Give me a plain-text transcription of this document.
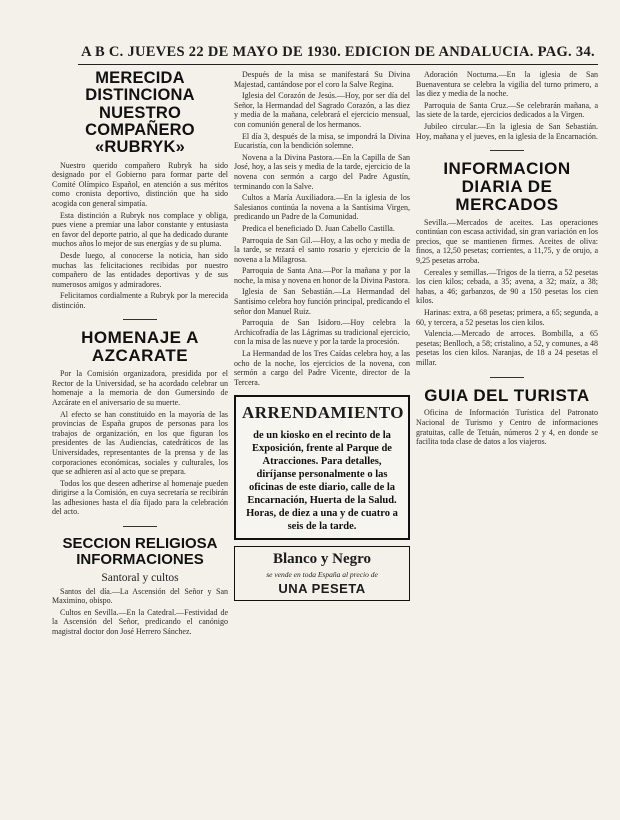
A B C. JUEVES 22 DE MAYO DE 1930. EDICION DE ANDALUCIA. PAG. 34.
MERECIDA DISTINCIONA NUESTRO COMPAÑERO «RUBRYK»

Nuestro querido compañero Rubryk ha sido designado por el Gobierno para formar parte del Comité Olímpico Español, en atención a sus méritos como cronista deportivo, distinción que ha sido acogida con general simpatía.

Esta distinción a Rubryk nos complace y obliga, pues viene a premiar una labor constante y entusiasta en favor del deporte patrio, al que ha dedicado durante muchos años lo mejor de sus energías y de su pluma.

Desde luego, al conocerse la noticia, han sido muchas las felicitaciones recibidas por nuestro compañero de las entidades deportivas y de sus numerosos amigos y admiradores.

Felicitamos cordialmente a Rubryk por la merecida distinción.

HOMENAJE A AZCARATE

Por la Comisión organizadora, presidida por el Rector de la Universidad, se ha acordado celebrar un homenaje a la memoria de don Gumersindo de Azcárate en el aniversario de su muerte.

Al efecto se han constituido en la mayoría de las provincias de España grupos de personas para los trabajos de organización, en los que figuran los presidentes de las Audiencias, catedráticos de las Universidades, representantes de la prensa y de las corporaciones económicas, sociales y culturales, los que se adhieren así al acto que se prepara.

Todos los que deseen adherirse al homenaje pueden dirigirse a la Comisión, en cuya secretaría se recibirán las adhesiones hasta el día fijado para la celebración del acto.

SECCION RELIGIOSA INFORMACIONES
Santoral y cultos

Santos del día.—La Ascensión del Señor y San Maximino, obispo.

Cultos en Sevilla.—En la Catedral.—Festividad de la Ascensión del Señor, predicando el canónigo magistral doctor don José Herrero Sánchez.

Después de la misa se manifestará Su Divina Majestad, cantándose por el coro la Salve Regina.

Iglesia del Corazón de Jesús.—Hoy, por ser día del Señor, la Hermandad del Sagrado Corazón, a las diez y media de la mañana, celebrará el ejercicio mensual, con comunión general de los hermanos.

El día 3, después de la misa, se impondrá la Divina Eucaristía, con la bendición solemne.

Novena a la Divina Pastora.—En la Capilla de San José, hoy, a las seis y media de la tarde, ejercicio de la novena con sermón a cargo del Padre Agustín, terminando con la Salve.

Cultos a María Auxiliadora.—En la iglesia de los Salesianos continúa la novena a la Santísima Virgen, predicando un Padre de la Comunidad.

Predica el beneficiado D. Juan Cabello Castilla.

Parroquia de San Gil.—Hoy, a las ocho y media de la tarde, se rezará el santo rosario y ejercicio de la novena a la Milagrosa.

Parroquia de Santa Ana.—Por la mañana y por la noche, la misa y novena en honor de la Divina Pastora.

Iglesia de San Sebastián.—La Hermandad del Santísimo celebra hoy función principal, predicando el señor don Manuel Ruiz.

Parroquia de San Isidoro.—Hoy celebra la Archicofradía de las Lágrimas su tradicional ejercicio, con la misa de las nueve y por la tarde la procesión.

La Hermandad de los Tres Caídas celebra hoy, a las ocho de la noche, los ejercicios de la novena, con sermón a cargo del Padre Vicente, director de la Tercera.

ARRENDAMIENTO
de un kiosko en el recinto de la Exposición, frente al Parque de Atracciones. Para detalles, diríjanse personalmente o las oficinas de este diario, calle de la Encarnación, Huerta de la Salud. Horas, de diez a una y de cuatro a seis de la tarde.
Blanco y Negro
se vende en toda España al precio de
UNA PESETA

Adoración Nocturna.—En la iglesia de San Buenaventura se celebra la vigilia del turno primero, a las diez y media de la noche.

Parroquia de Santa Cruz.—Se celebrarán mañana, a las siete de la tarde, ejercicios dedicados a la Virgen.

Jubileo circular.—En la iglesia de San Sebastián. Hoy, mañana y el jueves, en la iglesia de la Encarnación.

INFORMACION DIARIA DE MERCADOS

Sevilla.—Mercados de aceites. Las operaciones continúan con escasa actividad, sin gran variación en los precios, que se mantienen firmes. Aceites de oliva: finos, a 12,50 pesetas; corrientes, a 11,75, y de orujo, a 9,25 pesetas arroba.

Cereales y semillas.—Trigos de la tierra, a 52 pesetas los cien kilos; cebada, a 35; avena, a 32; maíz, a 38; habas, a 46; garbanzos, de 90 a 150 pesetas los cien kilos.

Harinas: extra, a 68 pesetas; primera, a 65; segunda, a 60, y tercera, a 52 pesetas los cien kilos.

Valencia.—Mercado de arroces. Bombilla, a 65 pesetas; Benlloch, a 58; cristalino, a 52, y comunes, a 48 pesetas los cien kilos. Naranjas, de 18 a 24 pesetas el millar.

GUIA DEL TURISTA

Oficina de Información Turística del Patronato Nacional de Turismo y Centro de informaciones gratuitas, calle de Tetuán, números 2 y 4, en donde se facilita toda clase de datos a los viajeros.
